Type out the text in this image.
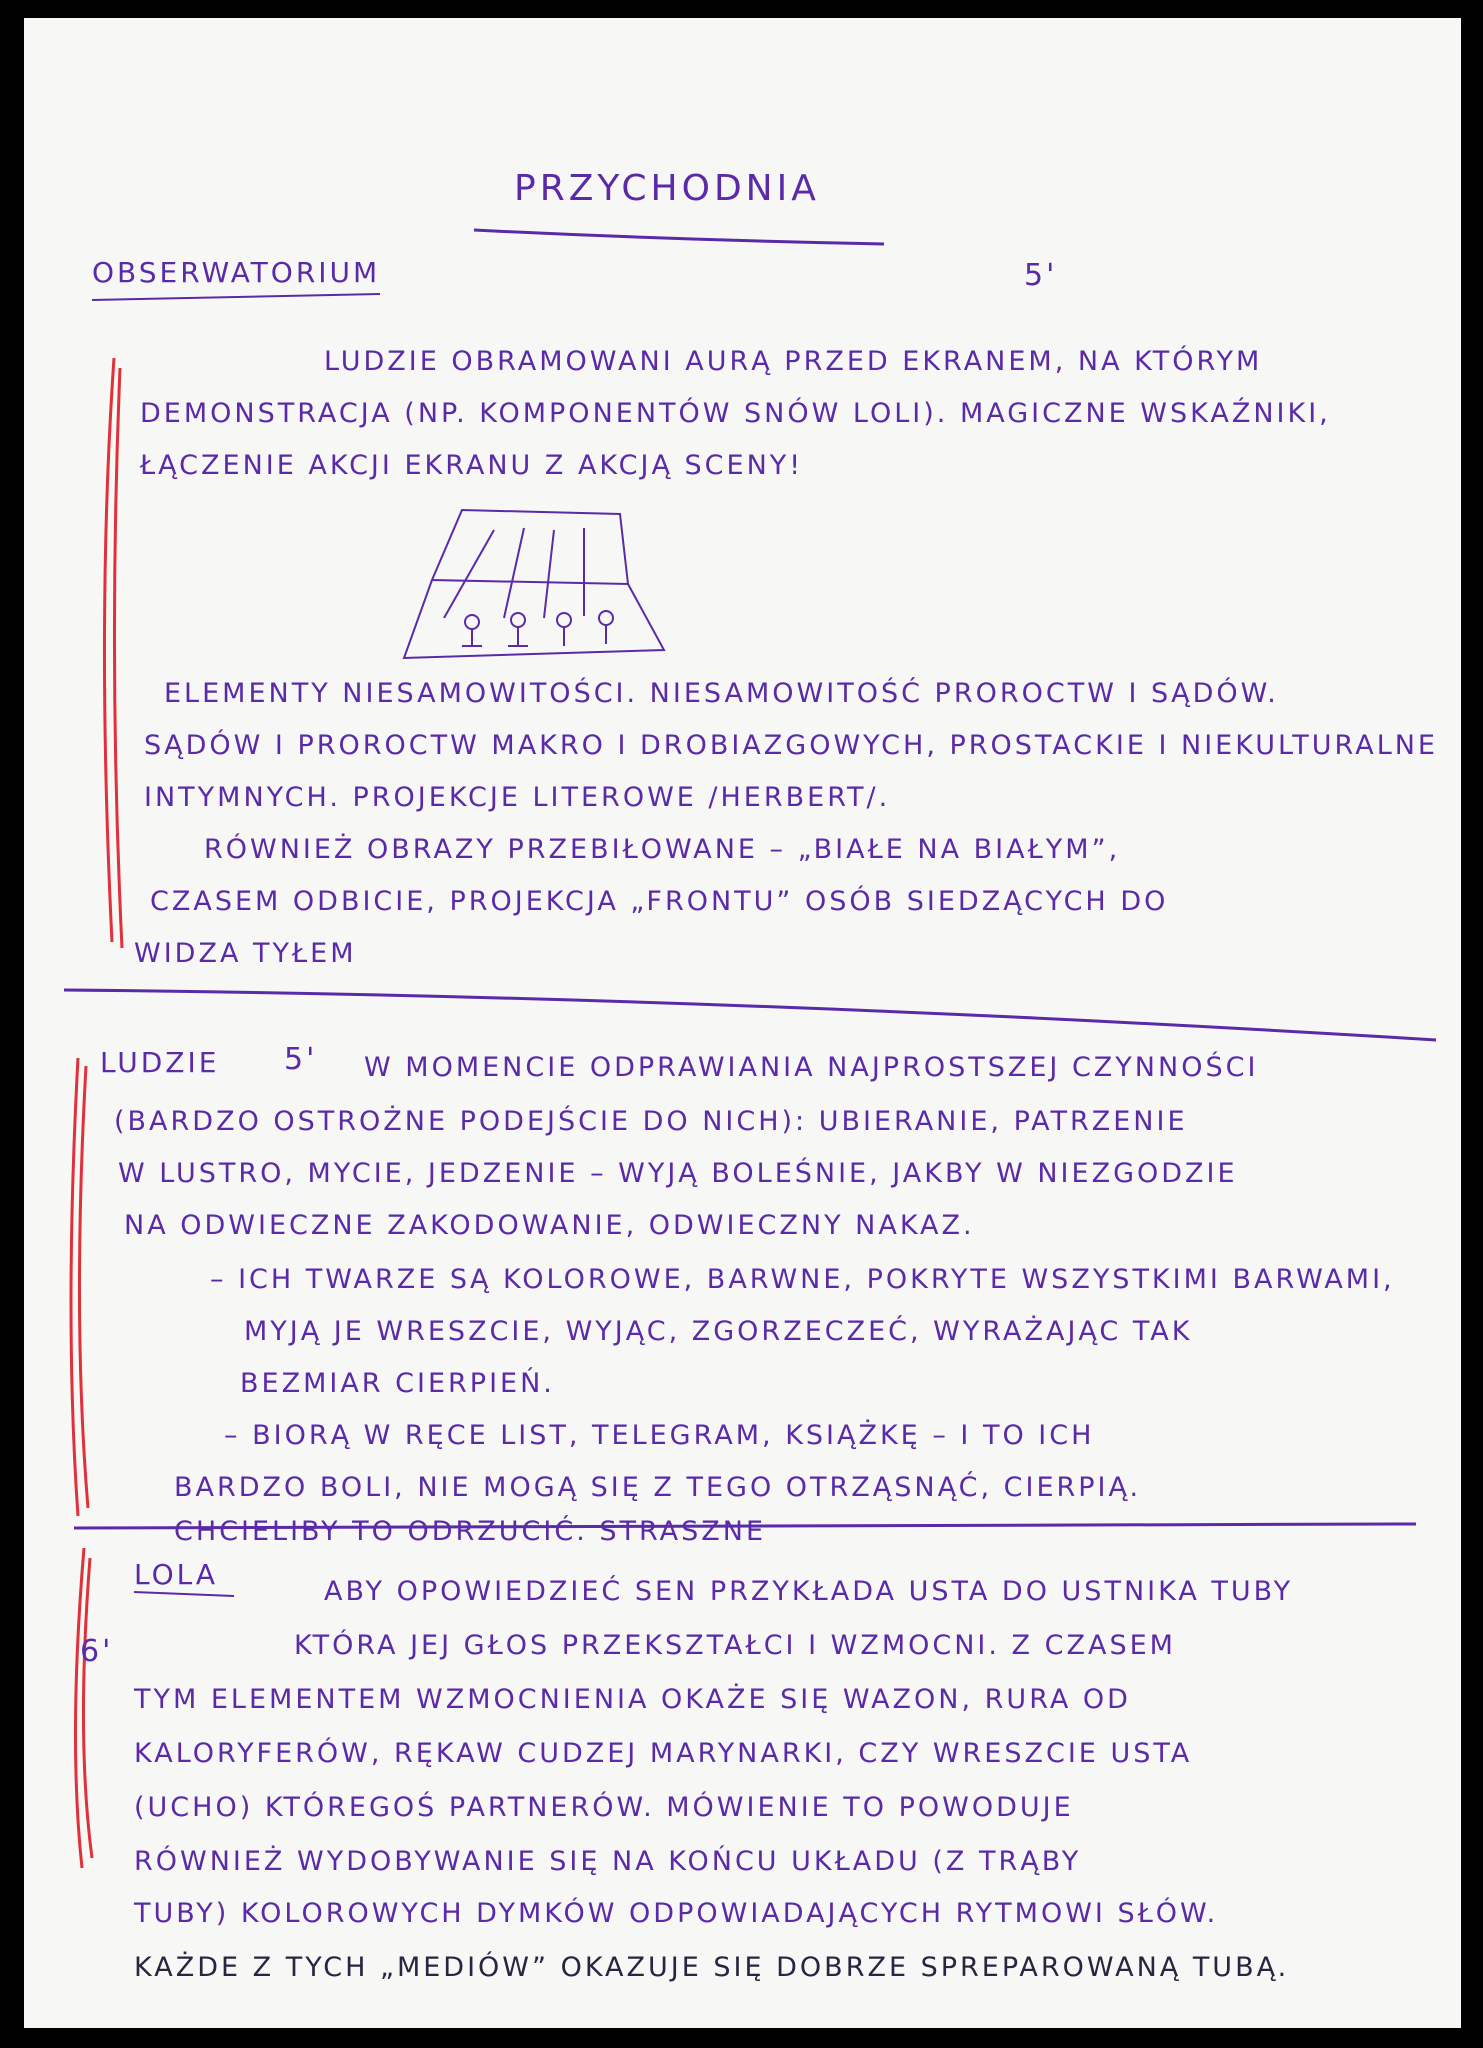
PRZYCHODNIA
OBSERWATORIUM	5'
LUDZIE OBRAMOWANI AURĄ PRZED EKRANEM, NA KTÓRYM
DEMONSTRACJA (NP. KOMPONENTÓW SNÓW LOLI). MAGICZNE WSKAŹNIKI,
ŁĄCZENIE AKCJI EKRANU Z AKCJĄ SCENY!
ELEMENTY NIESAMOWITOŚCI. NIESAMOWITOŚĆ PROROCTW I SĄDÓW.
SĄDÓW I PROROCTW MAKRO I DROBIAZGOWYCH, PROSTACKIE I NIEKULTURALNE
INTYMNYCH. PROJEKCJE LITEROWE /HERBERT/.
RÓWNIEŻ OBRAZY PRZEBIŁOWANE – „BIAŁE NA BIAŁYM”,
CZASEM ODBICIE, PROJEKCJA „FRONTU” OSÓB SIEDZĄCYCH DO
WIDZA TYŁEM
LUDZIE 5' W MOMENCIE ODPRAWIANIA NAJPROSTSZEJ CZYNNOŚCI
(BARDZO OSTROŻNE PODEJŚCIE DO NICH): UBIERANIE, PATRZENIE
W LUSTRO, MYCIE, JEDZENIE – WYJĄ BOLEŚNIE, JAKBY W NIEZGODZIE
NA ODWIECZNE ZAKODOWANIE, ODWIECZNY NAKAZ.
– ICH TWARZE SĄ KOLOROWE, BARWNE, POKRYTE WSZYSTKIMI BARWAMI,
MYJĄ JE WRESZCIE, WYJĄC, ZGORZECZEĆ, WYRAŻAJĄC TAK
BEZMIAR CIERPIEŃ.
– BIORĄ W RĘCE LIST, TELEGRAM, KSIĄŻKĘ – I TO ICH
BARDZO BOLI, NIE MOGĄ SIĘ Z TEGO OTRZĄSNĄĆ, CIERPIĄ.
CHCIELIBY TO ODRZUCIĆ. STRASZNE
LOLA
6'
ABY OPOWIEDZIEĆ SEN PRZYKŁADA USTA DO USTNIKA TUBY
KTÓRA JEJ GŁOS PRZEKSZTAŁCI I WZMOCNI. Z CZASEM
TYM ELEMENTEM WZMOCNIENIA OKAŻE SIĘ WAZON, RURA OD
KALORYFERÓW, RĘKAW CUDZEJ MARYNARKI, CZY WRESZCIE USTA
(UCHO) KTÓREGOŚ PARTNERÓW. MÓWIENIE TO POWODUJE
RÓWNIEŻ WYDOBYWANIE SIĘ NA KOŃCU UKŁADU (Z TRĄBY
TUBY) KOLOROWYCH DYMKÓW ODPOWIADAJĄCYCH RYTMOWI SŁÓW.
KAŻDE Z TYCH „MEDIÓW” OKAZUJE SIĘ DOBRZE SPREPAROWANĄ TUBĄ.
